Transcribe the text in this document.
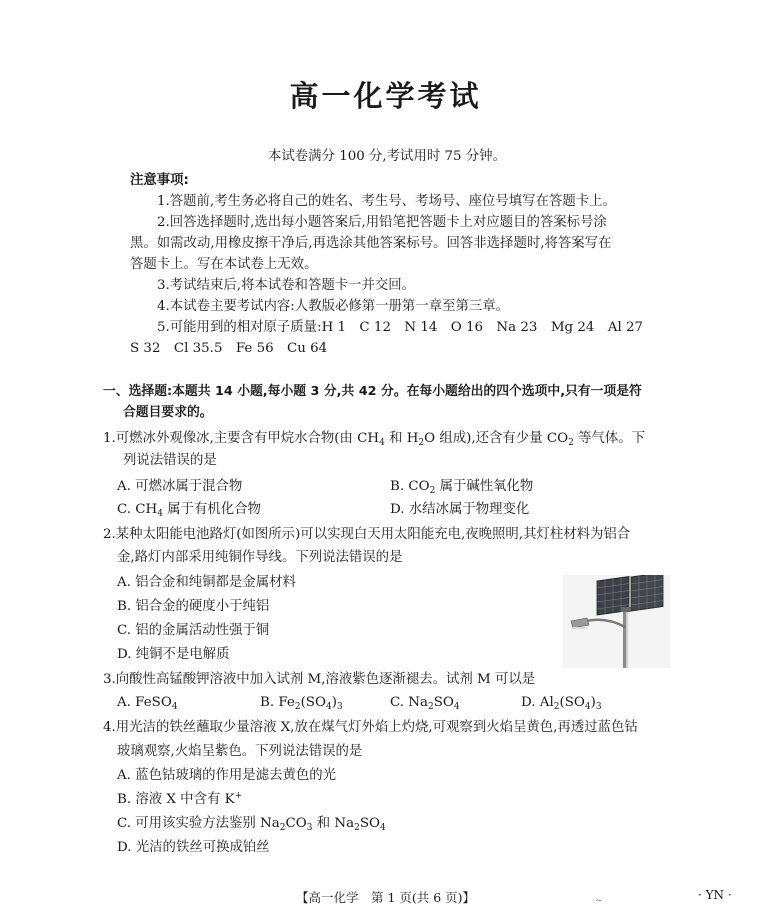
高一化学考试
本试卷满分 100 分,考试用时 75 分钟。
注意事项:
1.答题前,考生务必将自己的姓名、考生号、考场号、座位号填写在答题卡上。
2.回答选择题时,选出每小题答案后,用铅笔把答题卡上对应题目的答案标号涂
黑。如需改动,用橡皮擦干净后,再选涂其他答案标号。回答非选择题时,将答案写在
答题卡上。写在本试卷上无效。
3.考试结束后,将本试卷和答题卡一并交回。
4.本试卷主要考试内容:人教版必修第一册第一章至第三章。
5.可能用到的相对原子质量:H 1　C 12　N 14　O 16　Na 23　Mg 24　Al 27
S 32　Cl 35.5　Fe 56　Cu 64
一、选择题:本题共 14 小题,每小题 3 分,共 42 分。在每小题给出的四个选项中,只有一项是符
合题目要求的。
1.可燃冰外观像冰,主要含有甲烷水合物(由 $CH_4$ 和 $H_2O$ 组成),还含有少量 $CO_2$ 等气体。下
列说法错误的是
A. 可燃冰属于混合物	B. $CO_2$ 属于碱性氧化物
C. $CH_4$ 属于有机化合物	D. 水结冰属于物理变化
2.某种太阳能电池路灯(如图所示)可以实现白天用太阳能充电,夜晚照明,其灯柱材料为铝合
金,路灯内部采用纯铜作导线。下列说法错误的是
A. 铝合金和纯铜都是金属材料
B. 铝合金的硬度小于纯铝
C. 铝的金属活动性强于铜
D. 纯铜不是电解质
3.向酸性高锰酸钾溶液中加入试剂 M,溶液紫色逐渐褪去。试剂 M 可以是
A. FeSO$_4$	B. $Fe_2(SO_4)_3$	C. $Na_2SO_4$	D. $Al_2(SO_4)_3$
4.用光洁的铁丝蘸取少量溶液 X,放在煤气灯外焰上灼烧,可观察到火焰呈黄色,再透过蓝色钴
玻璃观察,火焰呈紫色。下列说法错误的是
A. 蓝色钴玻璃的作用是滤去黄色的光
B. 溶液 X 中含有 K+
C. 可用该实验方法鉴别 $Na_2CO_3$ 和 $Na_2SO_4$
D. 光洁的铁丝可换成铂丝
【高一化学　第 1 页(共 6 页)】	~	· YN ·
